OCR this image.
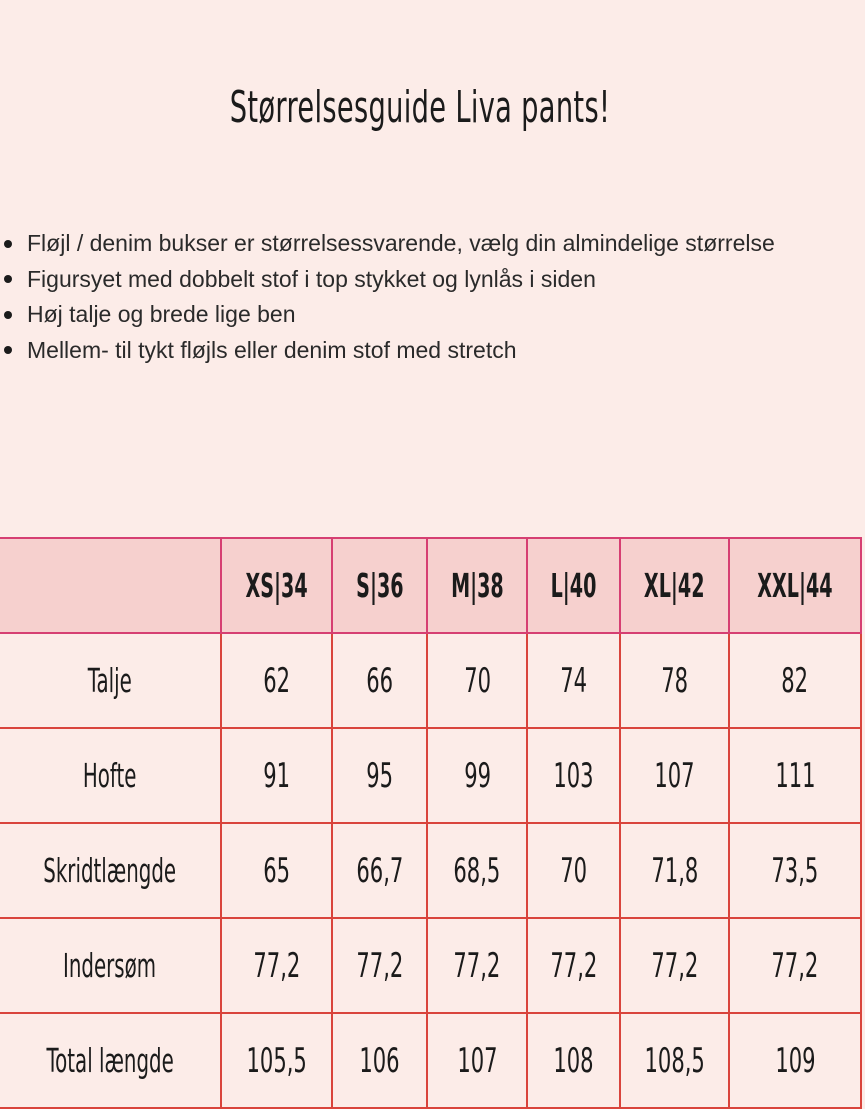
Størrelsesguide Liva pants!
Fløjl / denim bukser er størrelsessvarende, vælg din almindelige størrelse
Figursyet med dobbelt stof i top stykket og lynlås i siden
Høj talje og brede lige ben
Mellem- til tykt fløjls eller denim stof med stretch
	XS|34	S|36	M|38	L|40	XL|42	XXL|44
Talje	62	66	70	74	78	82
Hofte	91	95	99	103	107	111
Skridtlængde	65	66,7	68,5	70	71,8	73,5
Indersøm	77,2	77,2	77,2	77,2	77,2	77,2
Total længde	105,5	106	107	108	108,5	109
